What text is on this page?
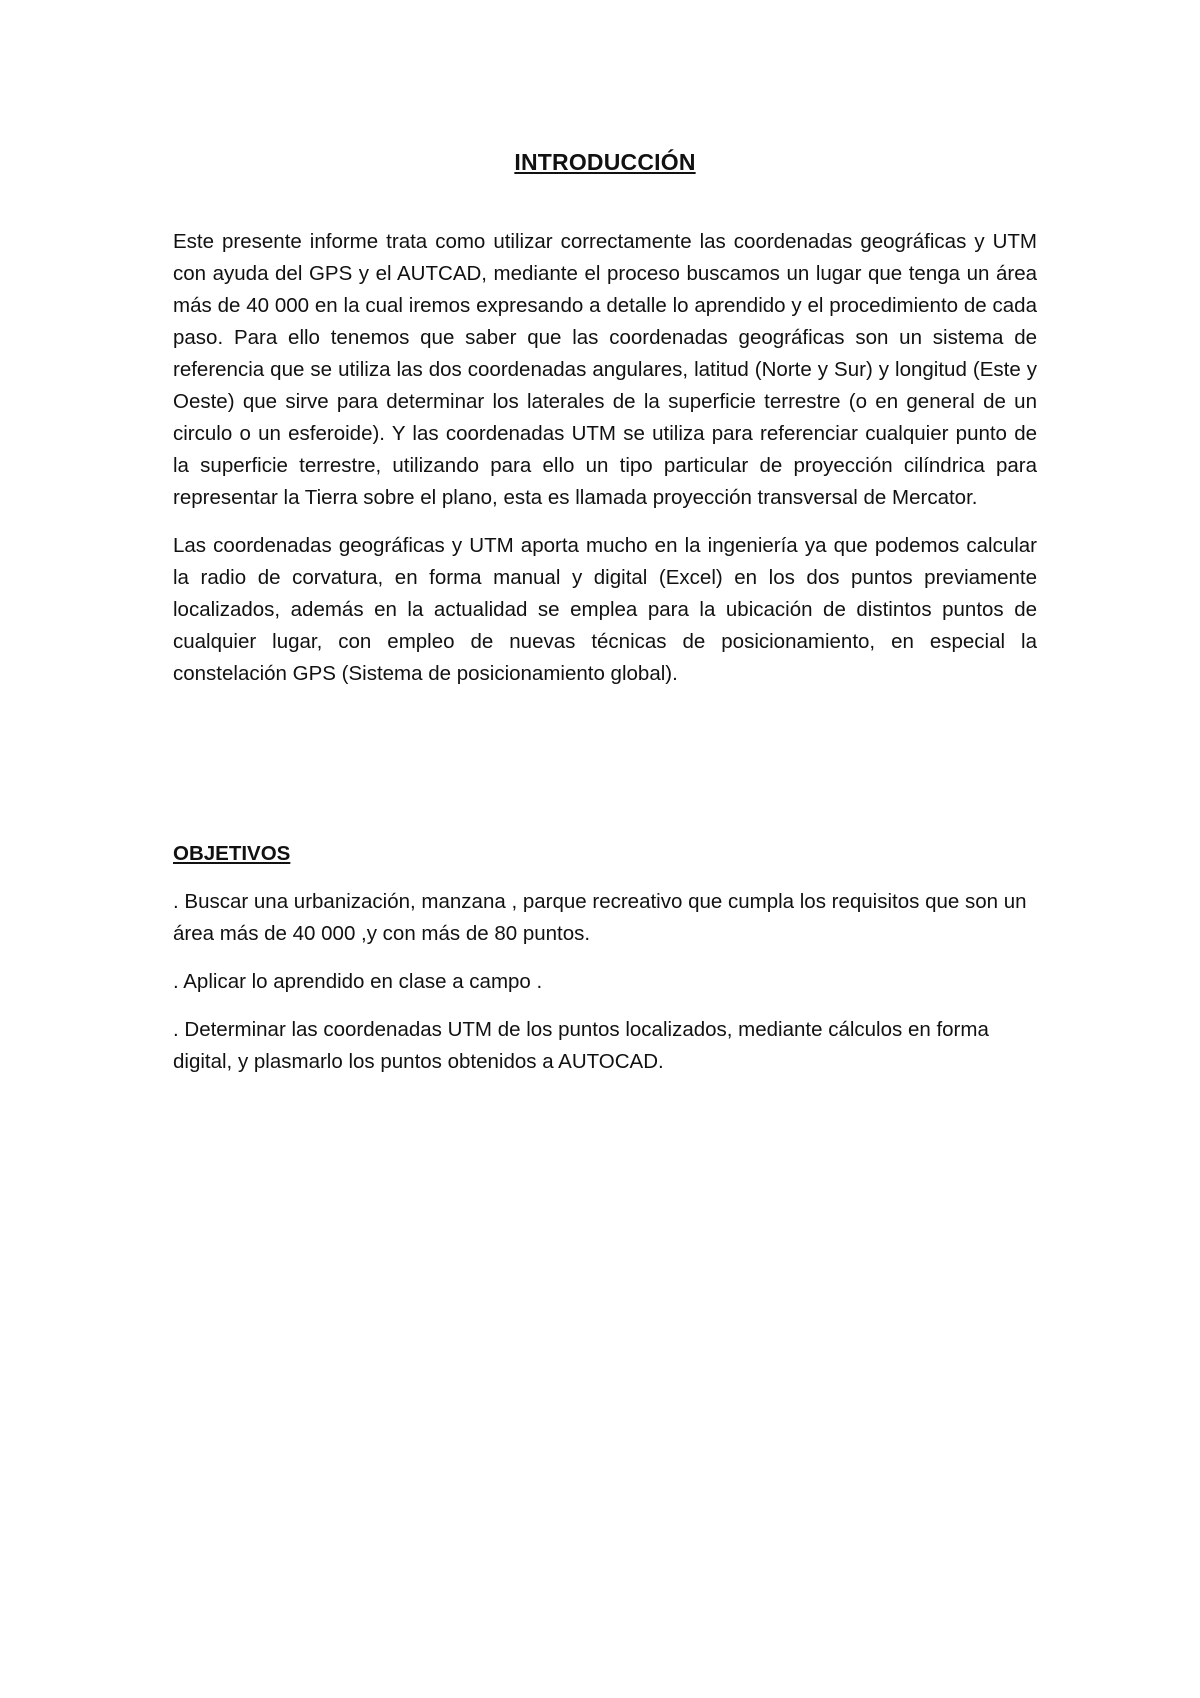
INTRODUCCIÓN

Este presente informe trata como utilizar correctamente las coordenadas geográficas y UTM con ayuda del GPS y el AUTCAD, mediante el proceso buscamos un lugar que tenga un área más de 40 000 en la cual iremos expresando a detalle lo aprendido y el procedimiento de cada paso. Para ello tenemos que saber que las coordenadas geográficas son un sistema de referencia que se utiliza las dos coordenadas angulares, latitud (Norte y Sur) y longitud (Este y Oeste) que sirve para determinar los laterales de la superficie terrestre (o en general de un circulo o un esferoide). Y las coordenadas UTM se utiliza para referenciar cualquier punto de la superficie terrestre, utilizando para ello un tipo particular de proyección cilíndrica para representar la Tierra sobre el plano, esta es llamada proyección transversal de Mercator.

Las coordenadas geográficas y UTM aporta mucho en la ingeniería ya que podemos calcular la radio de corvatura, en forma manual y digital (Excel) en los dos puntos previamente localizados, además en la actualidad se emplea para la ubicación de distintos puntos de cualquier lugar, con empleo de nuevas técnicas de posicionamiento, en especial la constelación GPS (Sistema de posicionamiento global).

OBJETIVOS

. Buscar una urbanización, manzana , parque recreativo que cumpla los requisitos que son un área más de 40 000 ,y con más de 80 puntos.

. Aplicar lo aprendido en clase a campo .

. Determinar las coordenadas UTM de los puntos localizados, mediante cálculos en forma digital, y plasmarlo los puntos obtenidos a AUTOCAD.
